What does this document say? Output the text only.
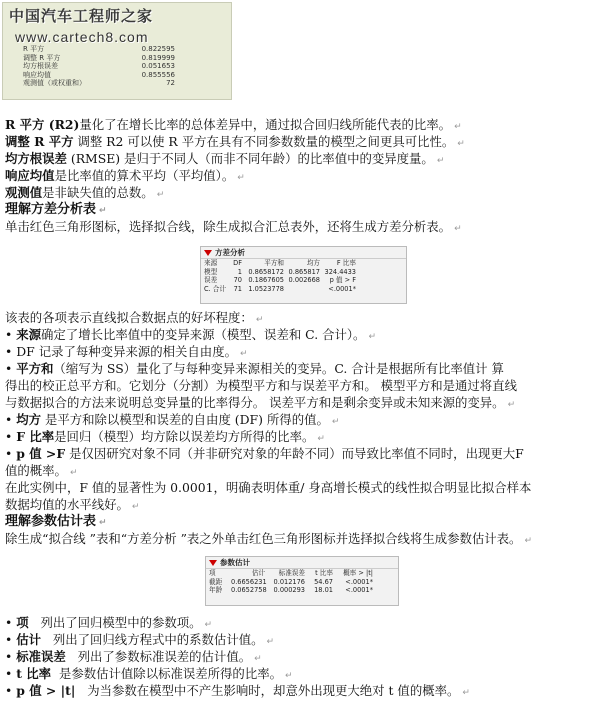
中国汽车工程师之家
www.cartech8.com
R 平方	0.822595
调整 R 平方	0.819999
均方根误差	0.051653
响应均值	0.855556
观测值（或权重和）	72
R 平方 (R2)量化了在增长比率的总体差异中，通过拟合回归线所能代表的比率。 ↵
调整 R 平方 调整 R2 可以使 R 平方在具有不同参数数量的模型之间更具可比性。 ↵
均方根误差 (RMSE) 是归于不同人（而非不同年龄）的比率值中的变异度量。 ↵
响应均值是比率值的算术平均（平均值）。 ↵
观测值是非缺失值的总数。 ↵
理解方差分析表 ↵
单击红色三角形图标，选择拟合线，除生成拟合汇总表外，还将生成方差分析表。 ↵
方差分析
来源	DF	平方和	均方	F 比率
模型	1 0.8658172 0.865817 324.4433
误差	70 0.1867605 0.002668	p 值 > F
C. 合计	71 1.0523778	<.0001*
该表的各项表示直线拟合数据点的好坏程度： ↵
• 来源确定了增长比率值中的变异来源（模型、误差和 C. 合计）。 ↵
• DF 记录了每种变异来源的相关自由度。 ↵
• 平方和（缩写为 SS）量化了与每种变异来源相关的变异。C. 合计是根据所有比率值计 算
得出的校正总平方和。它划分（分割）为模型平方和与误差平方和。 模型平方和是通过将直线
与数据拟合的方法来说明总变异量的比率得分。 误差平方和是剩余变异或未知来源的变异。 ↵
• 均方 是平方和除以模型和误差的自由度 (DF) 所得的值。 ↵
• F 比率是回归（模型）均方除以误差均方所得的比率。 ↵
• p 值 >F 是仅因研究对象不同（并非研究对象的年龄不同）而导致比率值不同时，出现更大F
值的概率。 ↵
在此实例中，F 值的显著性为 0.0001，明确表明体重/ 身高增长模式的线性拟合明显比拟合样本
数据均值的水平线好。 ↵
理解参数估计表 ↵
除生成“拟合线 ”表和“方差分析 ”表之外单击红色三角形图标并选择拟合线将生成参数估计表。 ↵
参数估计
项	估计	标准误差	t 比率	概率 > |t|
截距	0.6656231	0.012176	54.67	<.0001*
年龄	0.0652758	0.000293	18.01	<.0001*
• 项 列出了回归模型中的参数项。 ↵
• 估计 列出了回归线方程式中的系数估计值。 ↵
• 标准误差 列出了参数标准误差的估计值。 ↵
• t 比率 是参数估计值除以标准误差所得的比率。 ↵
• p 值 > |t| 为当参数在模型中不产生影响时，却意外出现更大绝对 t 值的概率。 ↵
